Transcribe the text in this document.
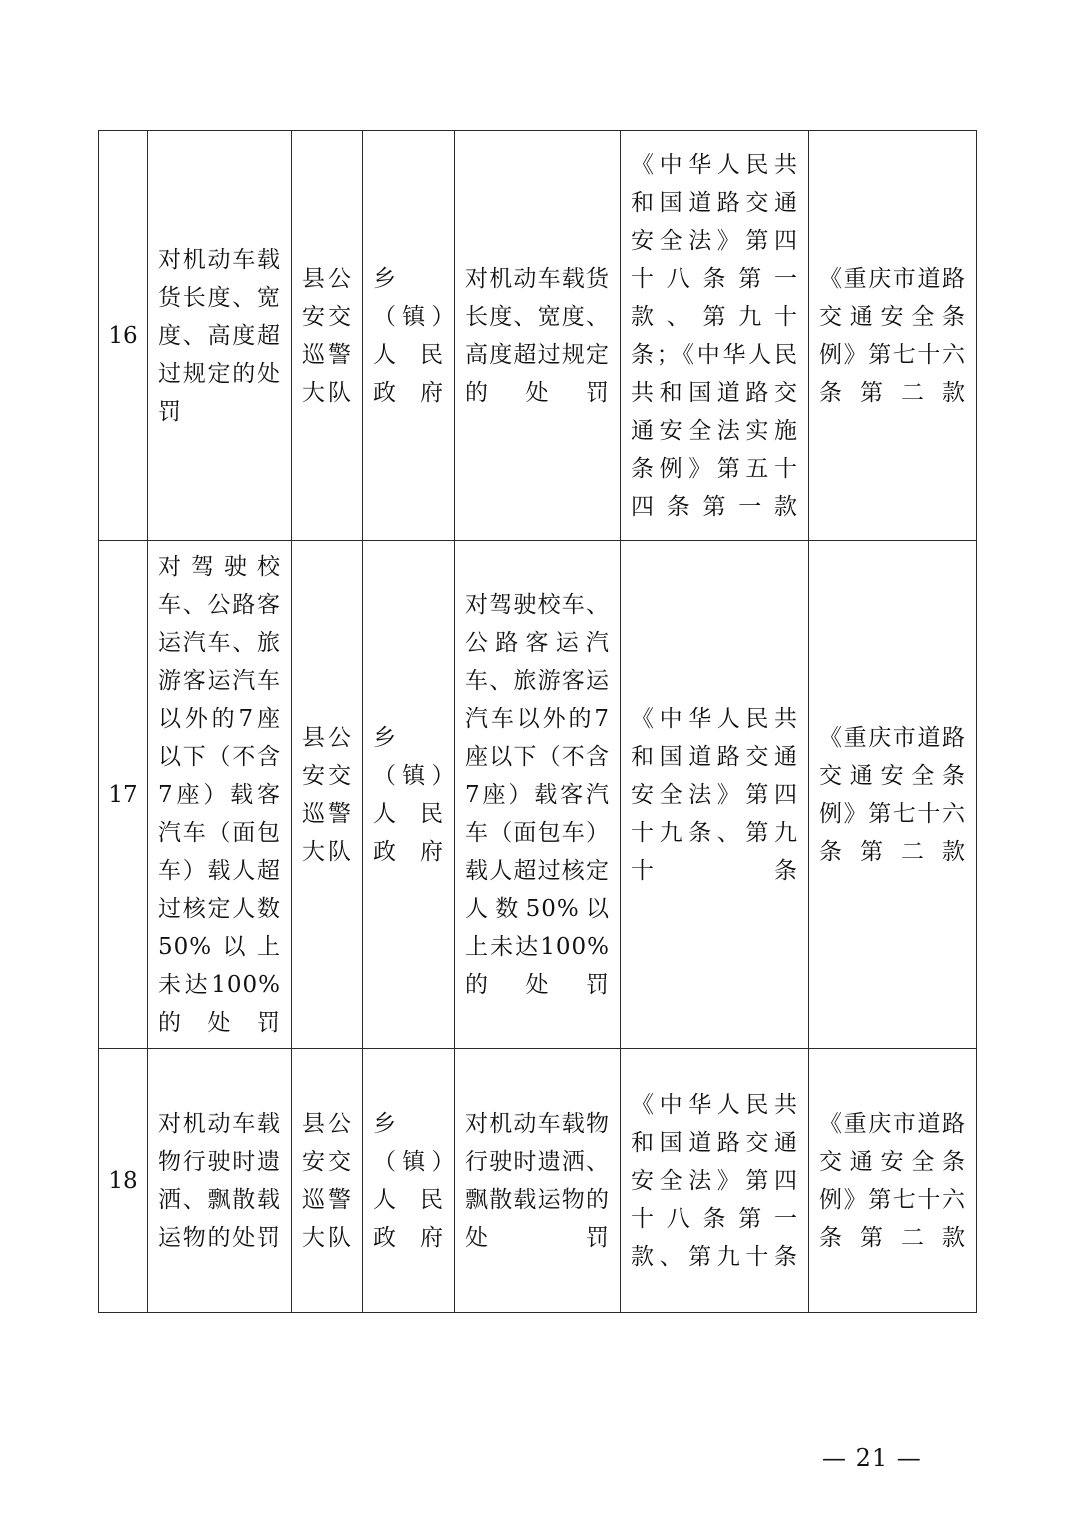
16	对机动车载货长度、宽度、高度超过规定的处罚	县公安交巡警大队	乡（镇）人民政府	对机动车载货长度、宽度、高度超过规定的处罚	《中华人民共和国道路交通安全法》第四十八条第一款、第九十条；《中华人民共和国道路交通安全法实施条例》第五十四条第一款	《重庆市道路交通安全条例》第七十六条第二款
17	对驾驶校车、公路客运汽车、旅游客运汽车以外的7座以下（不含7座）载客汽车（面包车）载人超过核定人数50%以上未达100%的处罚	县公安交巡警大队	乡（镇）人民政府	对驾驶校车、公路客运汽车、旅游客运汽车以外的7座以下（不含7座）载客汽车（面包车）载人超过核定人数50%以上未达100%的处罚	《中华人民共和国道路交通安全法》第四十九条、第九十条	《重庆市道路交通安全条例》第七十六条第二款
18	对机动车载物行驶时遗洒、飘散载运物的处罚	县公安交巡警大队	乡（镇）人民政府	对机动车载物行驶时遗洒、飘散载运物的处罚	《中华人民共和国道路交通安全法》第四十八条第一款、第九十条	《重庆市道路交通安全条例》第七十六条第二款
— 21 —
